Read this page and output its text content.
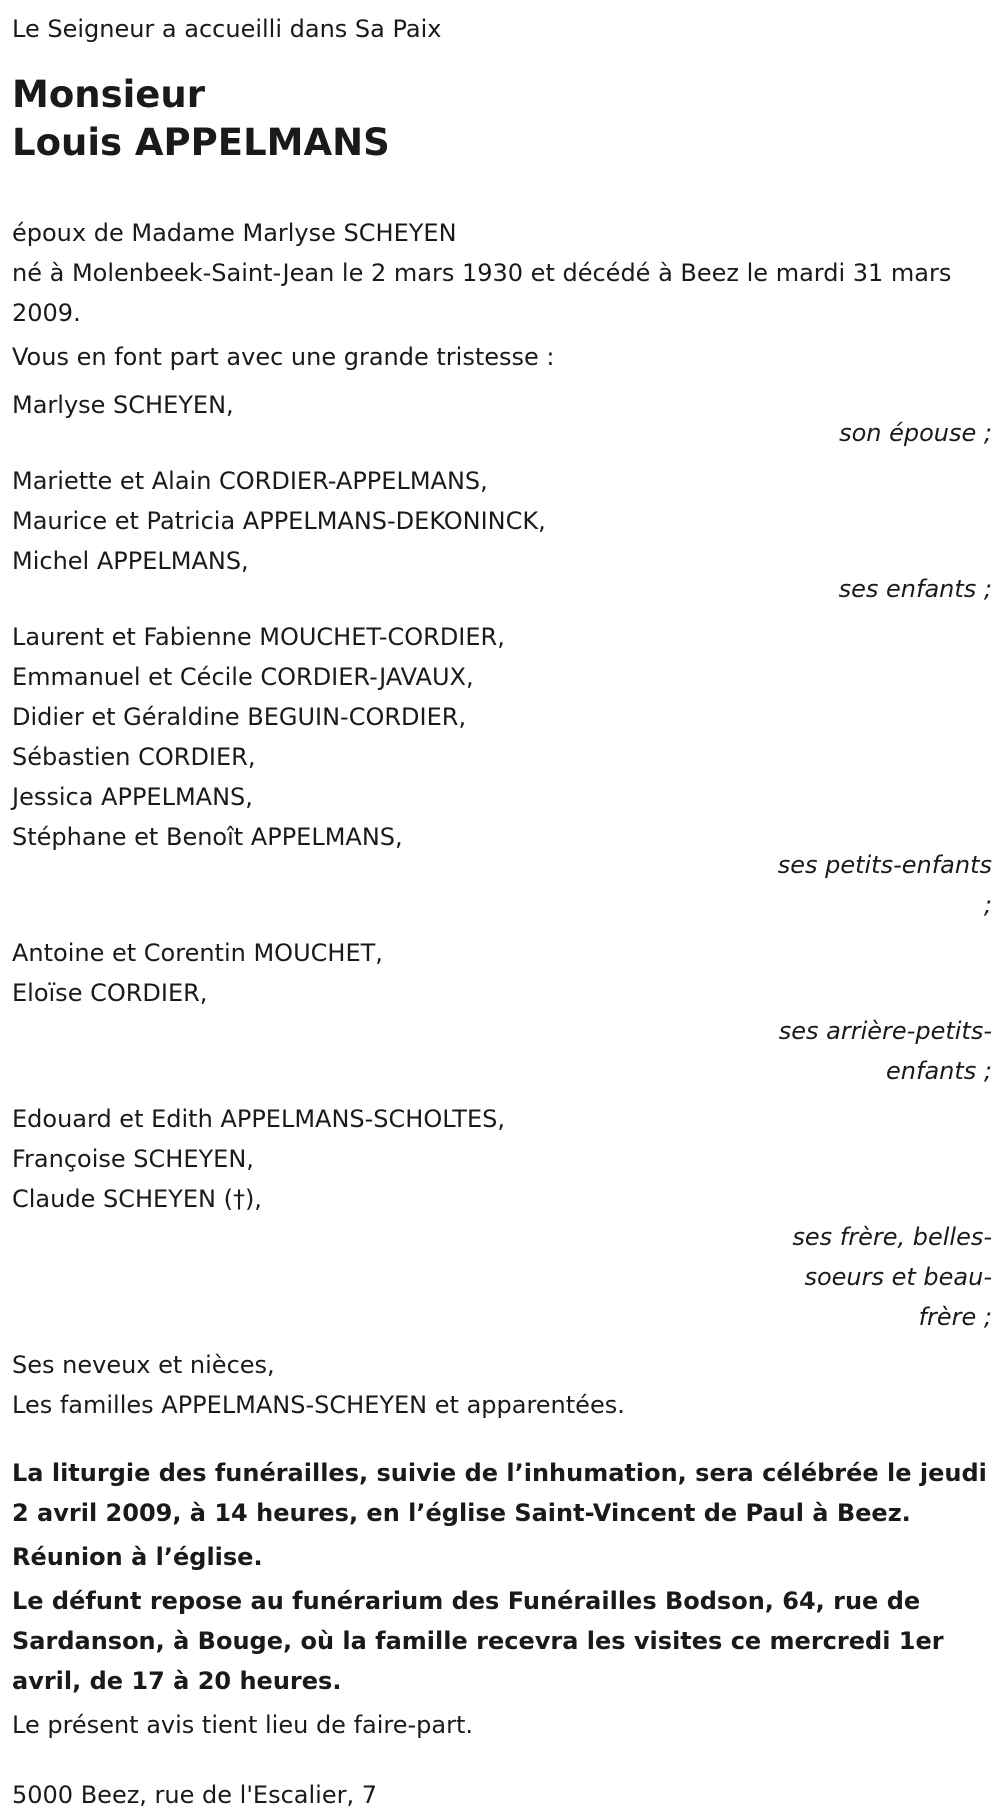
Le Seigneur a accueilli dans Sa Paix

Monsieur

Louis APPELMANS

époux de Madame Marlyse SCHEYEN

né à Molenbeek-Saint-Jean le 2 mars 1930 et décédé à Beez le mardi 31 mars 2009.

Vous en font part avec une grande tristesse :

Marlyse SCHEYEN,

son épouse ;

Mariette et Alain CORDIER-APPELMANS,

Maurice et Patricia APPELMANS-DEKONINCK,

Michel APPELMANS,

ses enfants ;

Laurent et Fabienne MOUCHET-CORDIER,

Emmanuel et Cécile CORDIER-JAVAUX,

Didier et Géraldine BEGUIN-CORDIER,

Sébastien CORDIER,

Jessica APPELMANS,

Stéphane et Benoît APPELMANS,

ses petits-enfants ;

Antoine et Corentin MOUCHET,

Eloïse CORDIER,

ses arrière-petits-enfants ;

Edouard et Edith APPELMANS-SCHOLTES,

Françoise SCHEYEN,

Claude SCHEYEN (†),

ses frère, belles-soeurs et beau-frère ;

Ses neveux et nièces,

Les familles APPELMANS-SCHEYEN et apparentées.

La liturgie des funérailles, suivie de l’inhumation, sera célébrée le jeudi 2 avril 2009, à 14 heures, en l’église Saint-Vincent de Paul à Beez.

Réunion à l’église.

Le défunt repose au funérarium des Funérailles Bodson, 64, rue de Sardanson, à Bouge, où la famille recevra les visites ce mercredi 1er avril, de 17 à 20 heures.

Le présent avis tient lieu de faire-part.

5000 Beez, rue de l'Escalier, 7
